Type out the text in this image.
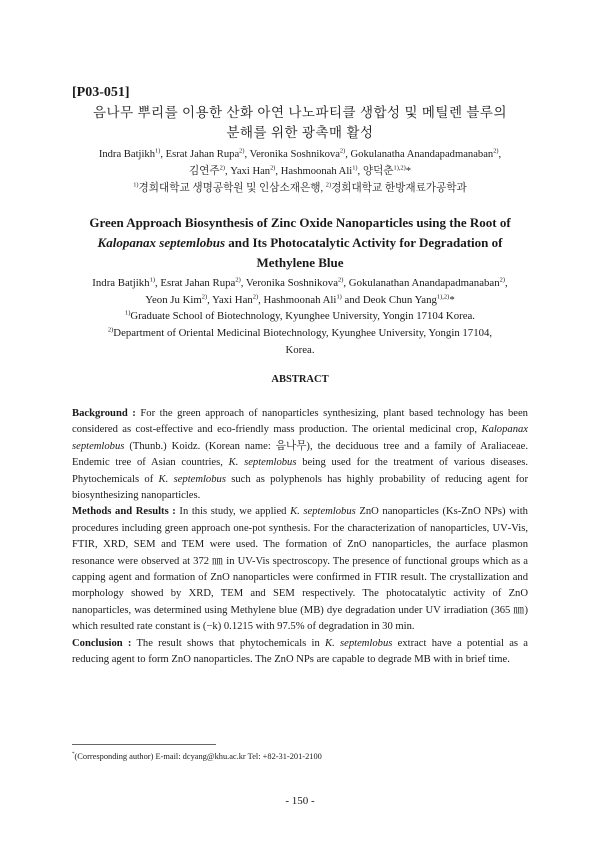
[P03-051]
음나무 뿌리를 이용한 산화 아연 나노파티클 생합성 및 메틸렌 블루의
분해를 위한 광촉매 활성
Indra Batjikh$^{1)}$, Esrat Jahan Rupa$^{2)}$, Veronika Soshnikova$^{2)}$, Gokulanatha Anandapadmanaban$^{2)}$,
김연주$^{2)}$, Yaxi Han$^{2)}$, Hashmoonah Ali$^{1)}$, 양덕춘$^{1),2)}$*
$^{1)}$경희대학교 생명공학원 및 인삼소재은행, $^{2)}$경희대학교 한방재료가공학과
Green Approach Biosynthesis of Zinc Oxide Nanoparticles using the Root of
Kalopanax septemlobus and Its Photocatalytic Activity for Degradation of
Methylene Blue
Indra Batjikh$^{1)}$, Esrat Jahan Rupa$^{2)}$, Veronika Soshnikova$^{2)}$, Gokulanathan Anandapadmanaban$^{2)}$,
Yeon Ju Kim$^{2)}$, Yaxi Han$^{2)}$, Hashmoonah Ali$^{1)}$ and Deok Chun Yang$^{1),2)}$*
$^{1)}$Graduate School of Biotechnology, Kyunghee University, Yongin 17104 Korea.
$^{2)}$Department of Oriental Medicinal Biotechnology, Kyunghee University, Yongin 17104,
Korea.
ABSTRACT

Background : For the green approach of nanoparticles synthesizing, plant based technology has been considered as cost-effective and eco-friendly mass production. The oriental medicinal crop, Kalopanax septemlobus (Thunb.) Koidz. (Korean name: 음나무), the deciduous tree and a family of Araliaceae. Endemic tree of Asian countries, K. septemlobus being used for the treatment of various diseases. Phytochemicals of K. septemlobus such as polyphenols has highly probability of reducing agent for biosynthesizing nanoparticles.

Methods and Results : In this study, we applied K. septemlobus ZnO nanoparticles (Ks-ZnO NPs) with procedures including green approach one-pot synthesis. For the characterization of nanoparticles, UV‐Vis, FTIR, XRD, SEM and TEM were used. The formation of ZnO nanoparticles, the aurface plasmon resonance were observed at 372 ㎚ in UV-Vis spectroscopy. The presence of functional groups which as a capping agent and formation of ZnO nanoparticles were confirmed in FTIR result. The crystallization and morphology showed by XRD, TEM and SEM respectively. The photocatalytic activity of ZnO nanoparticles, was determined using Methylene blue (MB) dye degradation under UV irradiation (365 ㎚) which resulted rate constant is (−k) 0.1215 with 97.5% of degradation in 30 min.

Conclusion : The result shows that phytochemicals in K. septemlobus extract have a potential as a reducing agent to form ZnO nanoparticles. The ZnO NPs are capable to degrade MB with in brief time.

*(Corresponding author) E-mail: dcyang@khu.ac.kr Tel: +82-31-201-2100
- 150 -
